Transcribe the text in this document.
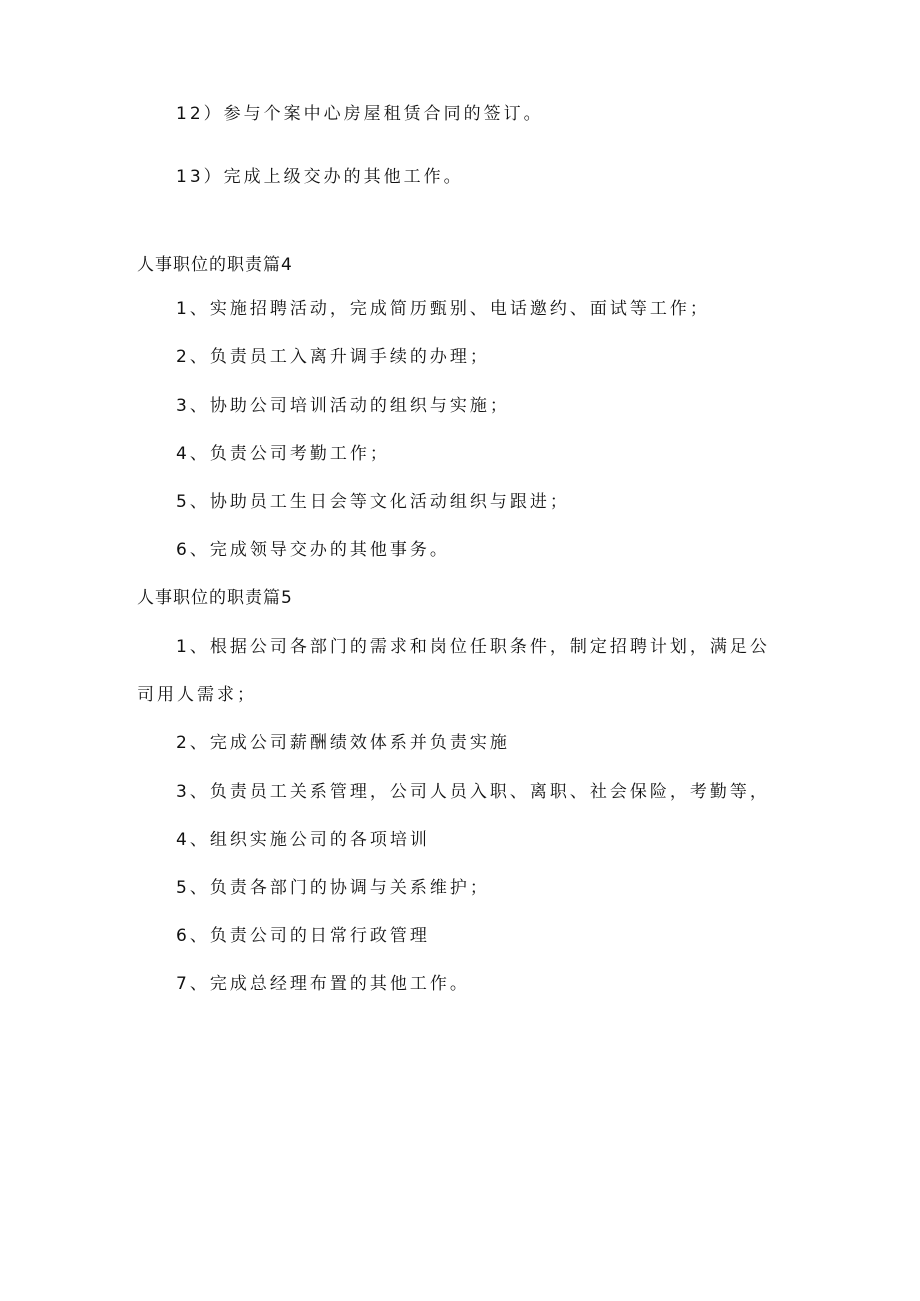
12）参与个案中心房屋租赁合同的签订。
13）完成上级交办的其他工作。
人事职位的职责篇4
1、实施招聘活动，完成简历甄别、电话邀约、面试等工作；
2、负责员工入离升调手续的办理；
3、协助公司培训活动的组织与实施；
4、负责公司考勤工作；
5、协助员工生日会等文化活动组织与跟进；
6、完成领导交办的其他事务。
人事职位的职责篇5
1、根据公司各部门的需求和岗位任职条件，制定招聘计划，满足公
司用人需求；
2、完成公司薪酬绩效体系并负责实施
3、负责员工关系管理，公司人员入职、离职、社会保险，考勤等，
4、组织实施公司的各项培训
5、负责各部门的协调与关系维护；
6、负责公司的日常行政管理
7、完成总经理布置的其他工作。
